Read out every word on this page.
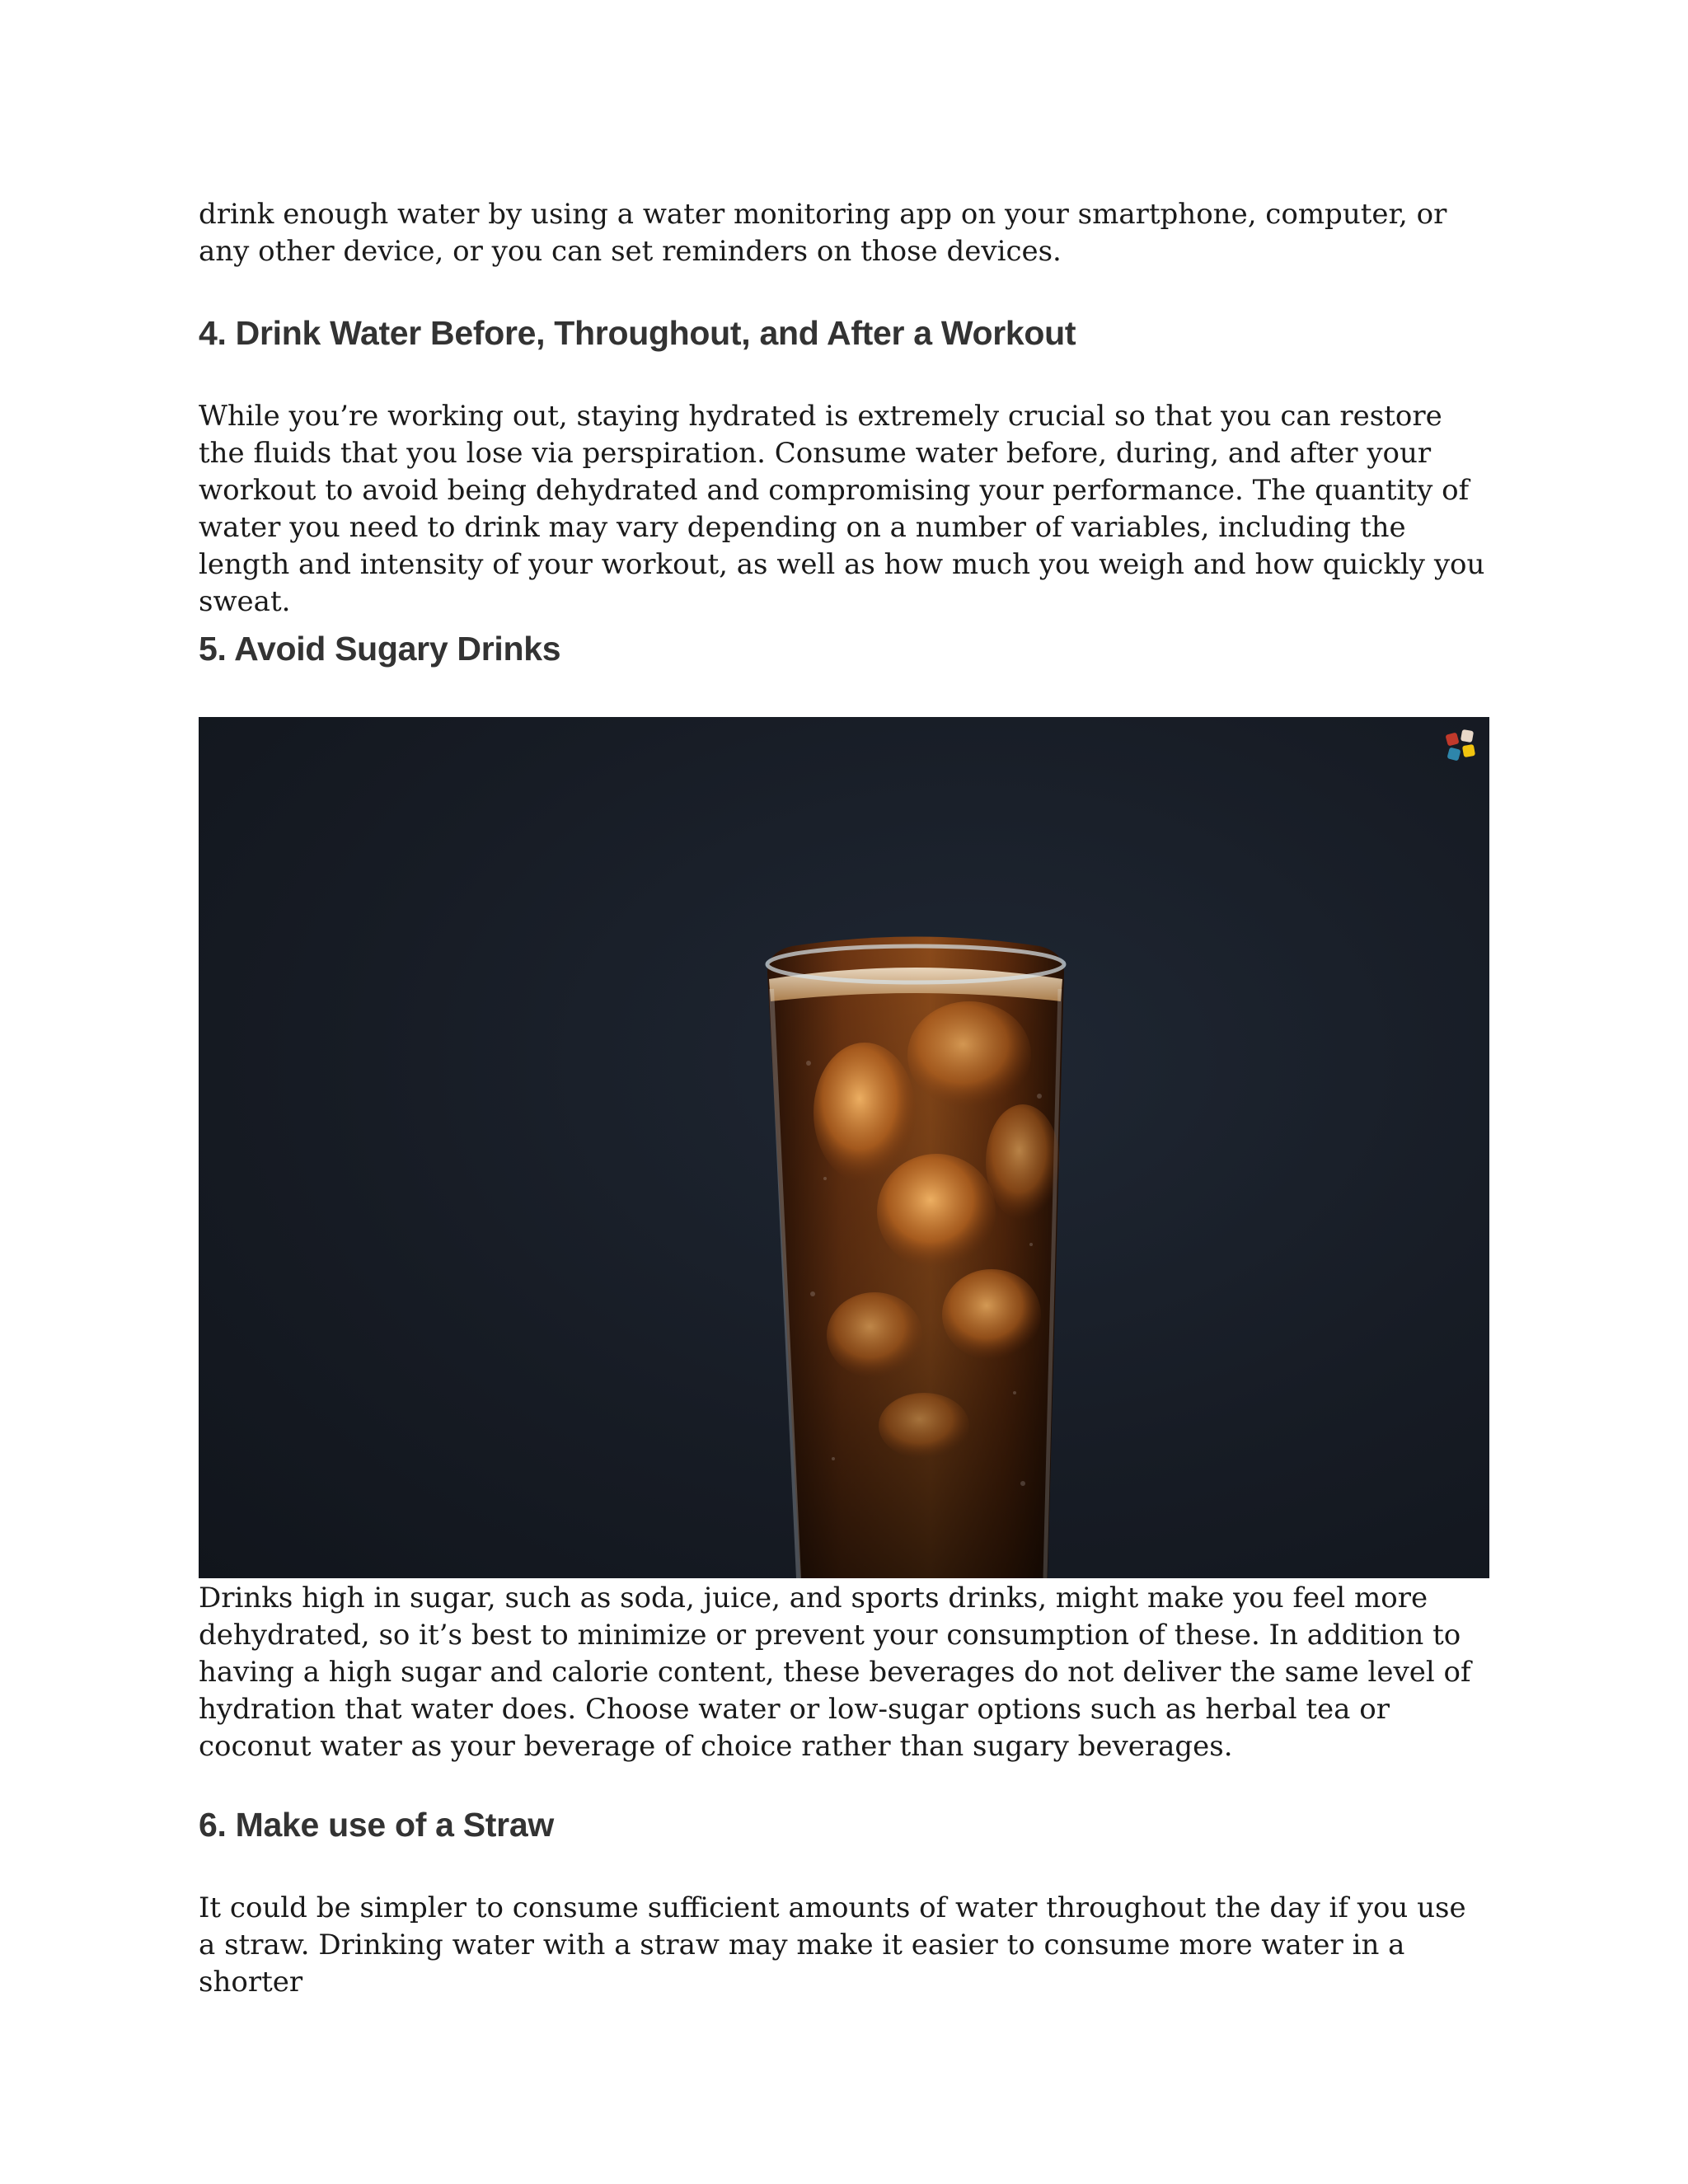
drink enough water by using a water monitoring app on your smartphone, computer, or any other device, or you can set reminders on those devices.

4. Drink Water Before, Throughout, and After a Workout

While you’re working out, staying hydrated is extremely crucial so that you can restore the fluids that you lose via perspiration. Consume water before, during, and after your workout to avoid being dehydrated and compromising your performance. The quantity of water you need to drink may vary depending on a number of variables, including the length and intensity of your workout, as well as how much you weigh and how quickly you sweat.

5. Avoid Sugary Drinks

Drinks high in sugar, such as soda, juice, and sports drinks, might make you feel more dehydrated, so it’s best to minimize or prevent your consumption of these. In addition to having a high sugar and calorie content, these beverages do not deliver the same level of hydration that water does. Choose water or low-sugar options such as herbal tea or coconut water as your beverage of choice rather than sugary beverages.

6. Make use of a Straw

It could be simpler to consume sufficient amounts of water throughout the day if you use a straw. Drinking water with a straw may make it easier to consume more water in a shorter
